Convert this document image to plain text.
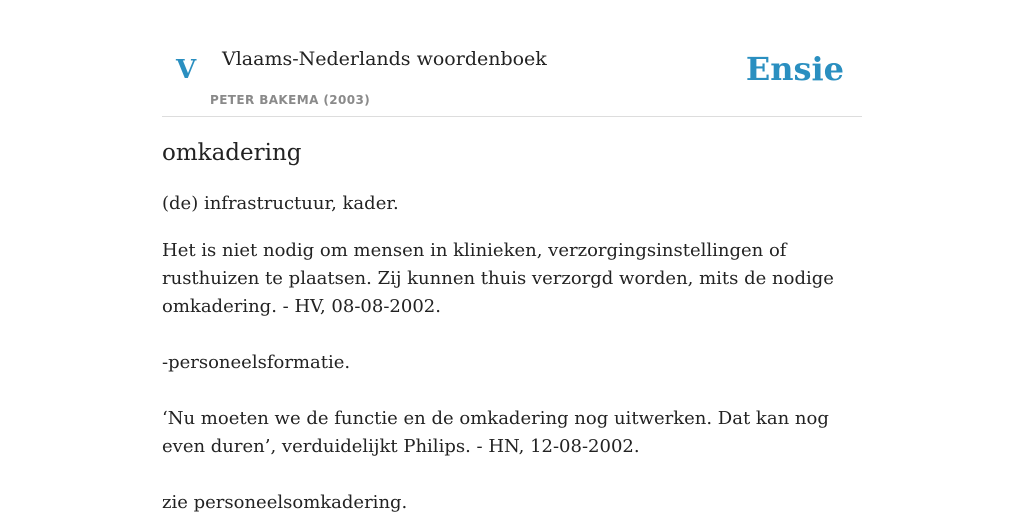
V Vlaams-Nederlands woordenboek
PETER BAKEMA (2003)
Ensie
omkadering

(de) infrastructuur, kader.

Het is niet nodig om mensen in klinieken, verzorgingsinstellingen of rusthuizen te plaatsen. Zij kunnen thuis verzorgd worden, mits de nodige omkadering. - HV, 08-08-2002.

-personeelsformatie.

‘Nu moeten we de functie en de omkadering nog uitwerken. Dat kan nog even duren’, verduidelijkt Philips. - HN, 12-08-2002.

zie personeelsomkadering.
